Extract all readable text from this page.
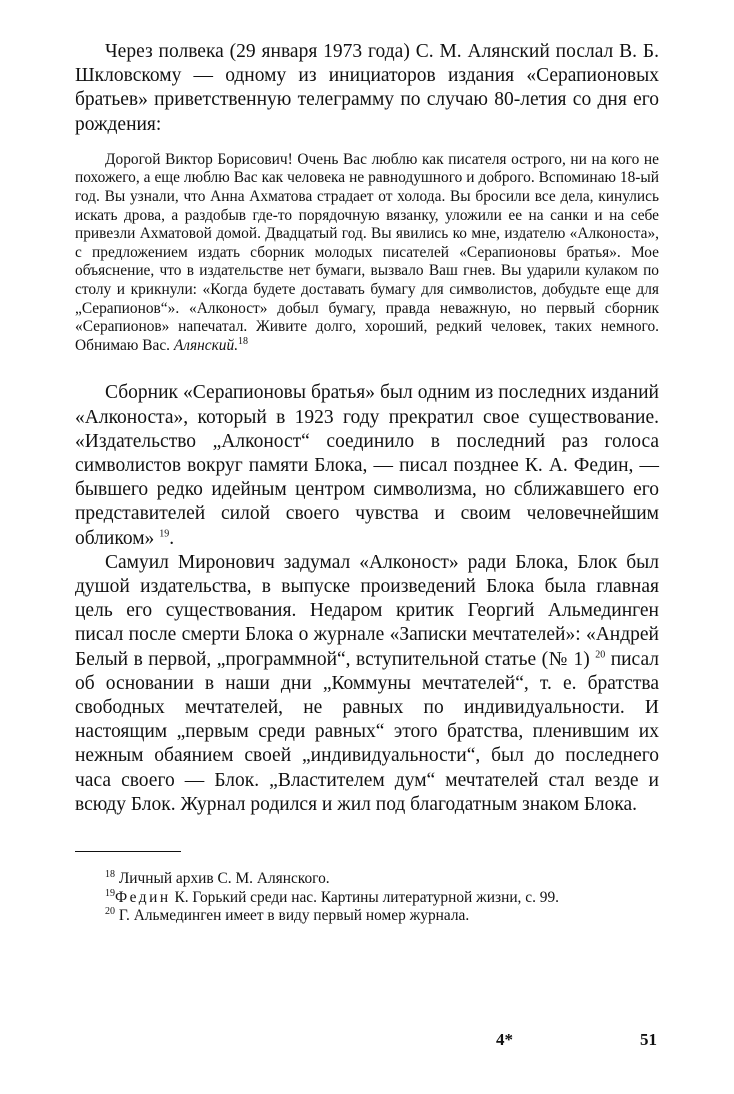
Через полвека (29 января 1973 года) С. М. Алянский послал В. Б. Шкловскому — одному из инициаторов издания «Серапионовых братьев» приветственную телеграмму по случаю 80-летия со дня его рождения:

Дорогой Виктор Борисович! Очень Вас люблю как писателя острого, ни на кого не похожего, а еще люблю Вас как человека не равнодушного и доброго. Вспоминаю 18-ый год. Вы узнали, что Анна Ахматова страдает от холода. Вы бросили все дела, кинулись искать дрова, а раздобыв где-то порядочную вязанку, уложили ее на санки и на себе привезли Ахматовой домой. Двадцатый год. Вы явились ко мне, издателю «Алконоста», с предложением издать сборник молодых писателей «Серапионовы братья». Мое объяснение, что в издательстве нет бумаги, вызвало Ваш гнев. Вы ударили кулаком по столу и крикнули: «Когда будете доставать бумагу для символистов, добудьте еще для „Серапионов“». «Алконост» добыл бумагу, правда неважную, но первый сборник «Серапионов» напечатал. Живите долго, хороший, редкий человек, таких немного. Обнимаю Вас. Алянский.$^{18}$

Сборник «Серапионовы братья» был одним из последних изданий «Алконоста», который в 1923 году прекратил свое существование. «Издательство „Алконост“ соединило в последний раз голоса символистов вокруг памяти Блока, — писал позднее К. А. Федин, — бывшего редко идейным центром символизма, но сближавшего его представителей силой своего чувства и своим человечнейшим обликом» $^{19}$.

Самуил Миронович задумал «Алконост» ради Блока, Блок был душой издательства, в выпуске произведений Блока была главная цель его существования. Недаром критик Георгий Альмединген писал после смерти Блока о журнале «Записки мечтателей»: «Андрей Белый в первой, „программной“, вступительной статье (№ 1) $^{20}$ писал об основании в наши дни „Коммуны мечтателей“, т. е. братства свободных мечтателей, не равных по индивидуальности. И настоящим „первым среди равных“ этого братства, пленившим их нежным обаянием своей „индивидуальности“, был до последнего часа своего — Блок. „Властителем дум“ мечтателей стал везде и всюду Блок. Журнал родился и жил под благодатным знаком Блока.

$^{18}$ Личный архив С. М. Алянского.

$^{19}$Федин К. Горький среди нас. Картины литературной жизни, с. 99.

$^{20}$ Г. Альмединген имеет в виду первый номер журнала.

4*	51
